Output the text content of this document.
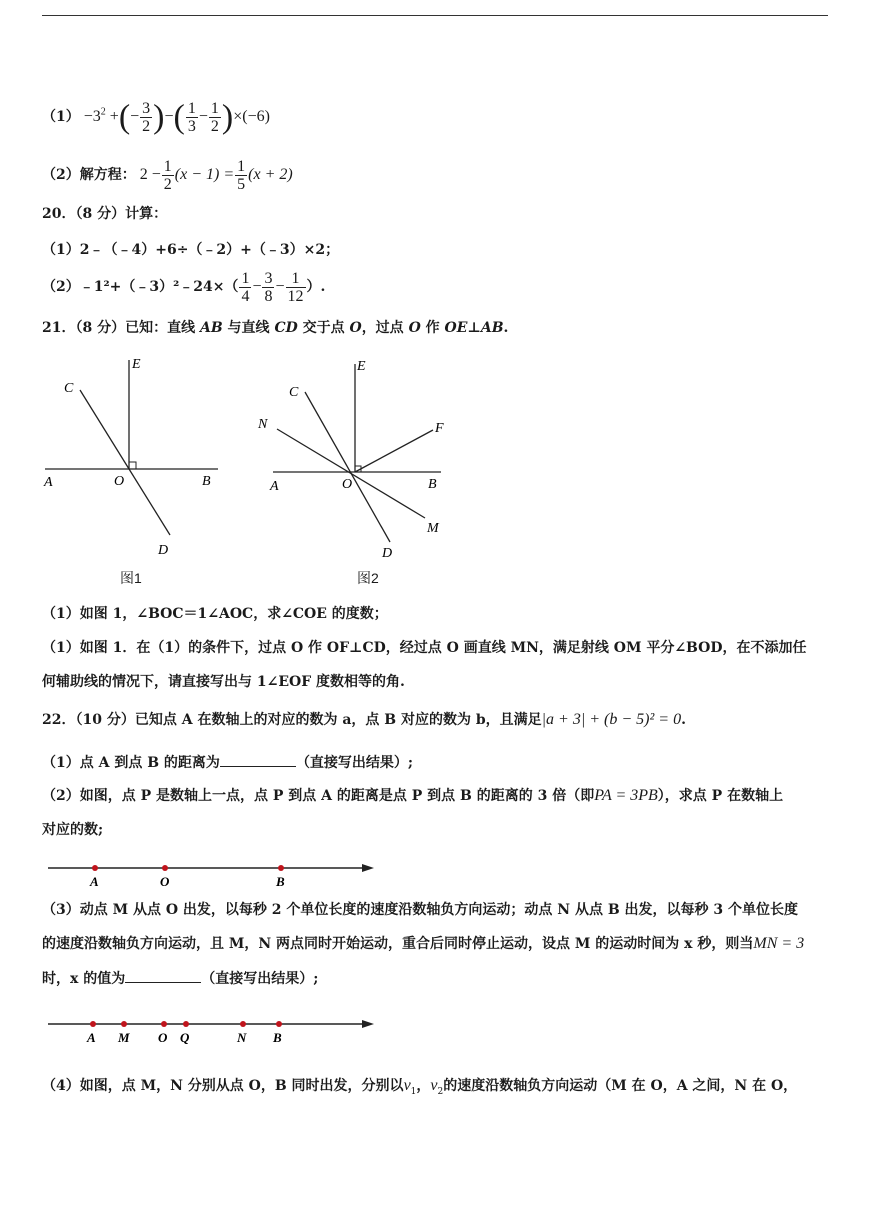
$(1) -3^2$ +(− $\frac{3}{2}$ )−( $\frac{1}{3} - \frac{1}{2} )\times(-6)$
（2）解方程： $2 - \frac{1}{2} (x - 1) = \frac{1}{5} (x + 2)$
20．（8 分）计算：
（1）2﹣（﹣4）+6÷（﹣2）+（﹣3）×2；
（2）﹣1²+（﹣3）²﹣24×（ $\frac{1}{4} - \frac{3}{8} - \frac{1}{12}$ ）.
21．（8 分）已知：直线 AB 与直线 CD 交于点 O，过点 O 作 OE⊥AB.
C
E
A	O	B
D
图1
C
E
N	F
A	O	B
M
D
图2
（1）如图 1，∠BOC＝1∠AOC，求∠COE 的度数；
（1）如图 1．在（1）的条件下，过点 O 作 OF⊥CD，经过点 O 画直线 MN，满足射线 OM 平分∠BOD，在不添加任
何辅助线的情况下，请直接写出与 1∠EOF 度数相等的角.
22．（10 分）已知点 A 在数轴上的对应的数为 a，点 B 对应的数为 b，且满足|a + 3| + (b − 5)² = 0.
（1）点 A 到点 B 的距离为	（直接写出结果）;
（2）如图，点 P 是数轴上一点，点 P 到点 A 的距离是点 P 到点 B 的距离的 3 倍（即PA = 3PB），求点 P 在数轴上
对应的数;
A	O	B
（3）动点 M 从点 O 出发，以每秒 2 个单位长度的速度沿数轴负方向运动；动点 N 从点 B 出发，以每秒 3 个单位长度
的速度沿数轴负方向运动，且 M，N 两点同时开始运动，重合后同时停止运动，设点 M 的运动时间为 x 秒，则当MN = 3
时，x 的值为	（直接写出结果）;
A M O Q	N B
（4）如图，点 M，N 分别从点 O，B 同时出发，分别以$v_1$，$v_2$的速度沿数轴负方向运动（M 在 O，A 之间，N 在 O，
